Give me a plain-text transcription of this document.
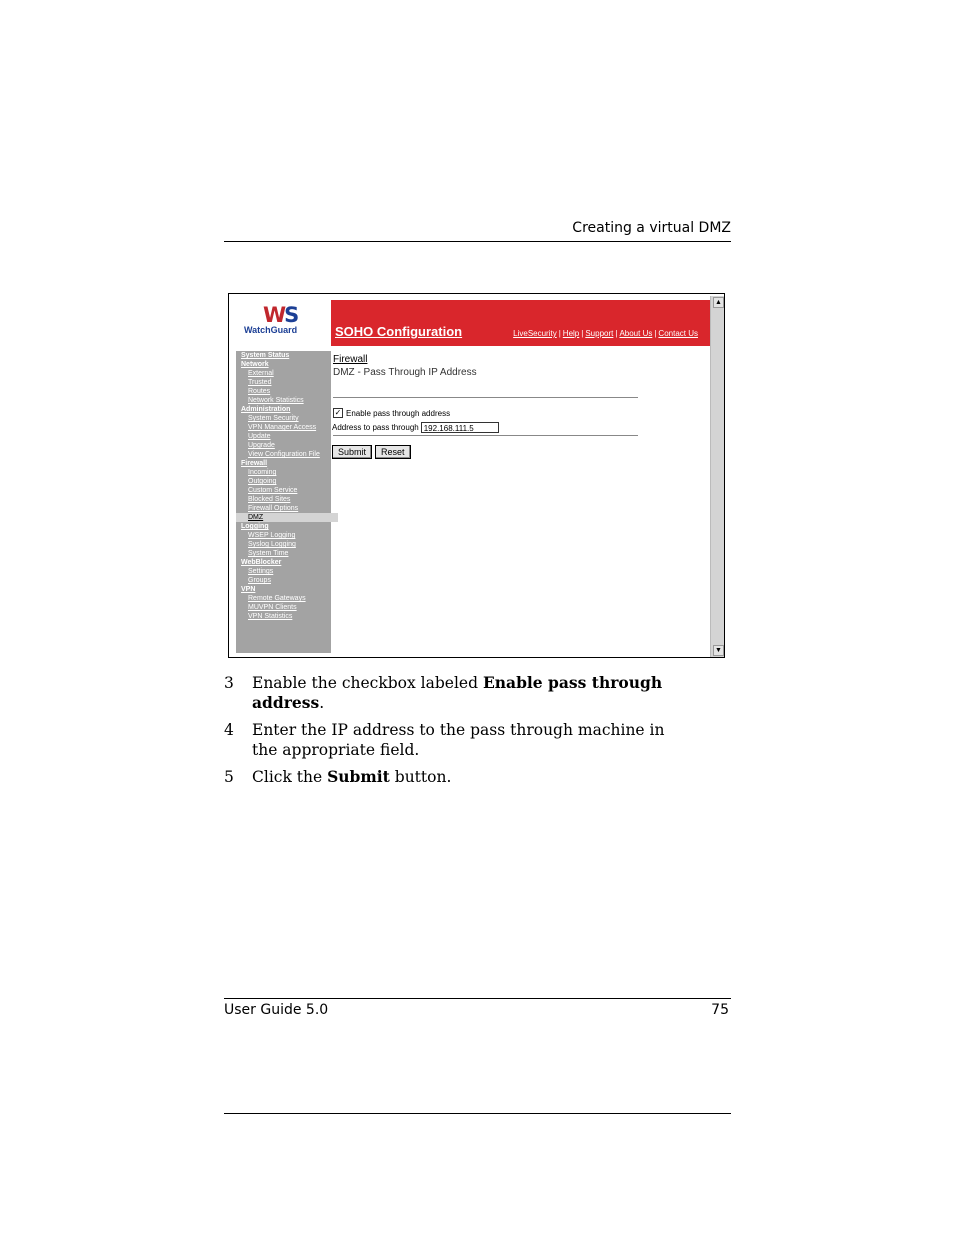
Creating a virtual DMZ
WS
WatchGuard	SOHO Configuration	LiveSecurity | Help | Support | About Us | Contact Us
System Status
Network
External
Trusted
Routes
Network Statistics
Administration
System Security
VPN Manager Access
Update
Upgrade
View Configuration File
Firewall
Incoming
Outgoing
Custom Service
Blocked Sites
Firewall Options
DMZ
Logging
WSEP Logging
Syslog Logging
System Time
WebBlocker
Settings
Groups
VPN
Remote Gateways
MUVPN Clients
VPN Statistics
Firewall
DMZ - Pass Through IP Address
✓ Enable pass through address
Address to pass through 192.168.111.5
Submit	Reset
▲
▼
3	Enable the checkbox labeled Enable pass through address.
4	Enter the IP address to the pass through machine in the appropriate field.
5	Click the Submit button.
User Guide 5.0	75
